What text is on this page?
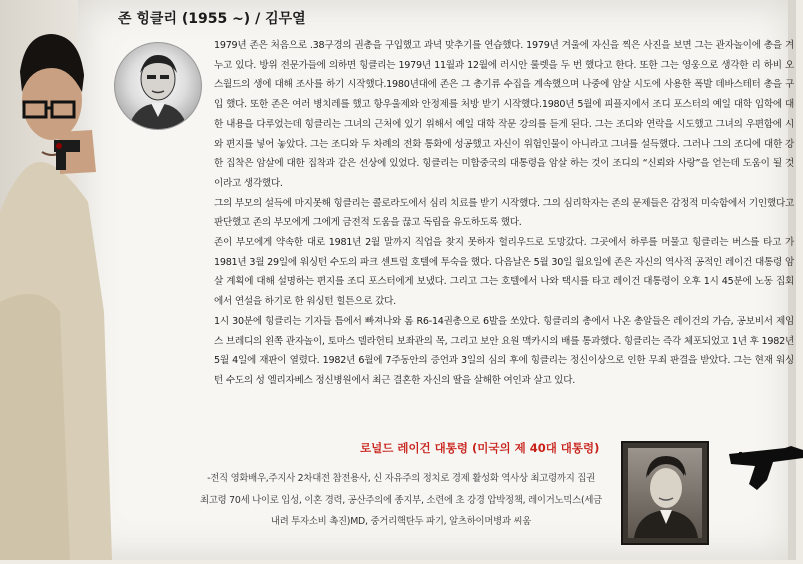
존 힝클리 (1955 ~) / 김무열

1979년 존은 처음으로 .38구경의 권총을 구입했고 과녁 맞추기를 연습했다. 1979년 겨울에 자신을 찍은 사진을 보면 그는 관자놀이에 총을 겨누고 있다. 방위 전문가들에 의하면 힝클리는 1979년 11월과 12월에 러시안 룰렛을 두 번 했다고 한다. 또한 그는 영웅으로 생각한 리 하비 오스월드의 생에 대해 조사를 하기 시작했다.1980년대에 존은 그 총기류 수집을 계속했으며 나중에 암살 시도에 사용한 폭발 데바스테터 총을 구입 했다. 또한 존은 여러 병치레를 했고 항우울제와 안정제를 처방 받기 시작했다.1980년 5월에 피플지에서 조디 포스터의 예일 대학 입학에 대한 내용을 다루었는데 힝클리는 그녀의 근처에 있기 위해서 예일 대학 작문 강의를 듣게 된다. 그는 조디와 연락을 시도했고 그녀의 우편함에 시와 편지를 넣어 놓았다. 그는 조디와 두 차례의 전화 통화에 성공했고 자신이 위험인물이 아니라고 그녀를 설득했다. 그러나 그의 조디에 대한 강한 집착은 암살에 대한 집착과 같은 선상에 있었다. 힝클리는 미합중국의 대통령을 암살 하는 것이 조디의 “신뢰와 사랑”을 얻는데 도움이 될 것이라고 생각했다.

그의 부모의 설득에 마지못해 힝클리는 콜로라도에서 심리 치료를 받기 시작했다. 그의 심리학자는 존의 문제들은 감정적 미숙함에서 기인했다고 판단했고 존의 부모에게 그에게 금전적 도움을 끊고 독립을 유도하도록 했다.

존이 부모에게 약속한 대로 1981년 2월 말까지 직업을 찾지 못하자 헐리우드로 도망갔다. 그곳에서 하루를 머물고 힝클리는 버스를 타고 가 1981년 3월 29일에 워싱턴 수도의 파크 센트럴 호텔에 투숙을 했다. 다음날은 5월 30일 월요일에 존은 자신의 역사적 공적인 레이건 대통령 암살 계획에 대해 설명하는 편지를 조디 포스터에게 보냈다. 그리고 그는 호텔에서 나와 택시를 타고 레이건 대통령이 오후 1시 45분에 노동 집회에서 연설을 하기로 한 워싱턴 힐튼으로 갔다.

1시 30분에 힝클리는 기자들 틈에서 빠져나와 롬 R6-14권총으로 6발을 쏘았다. 힝클리의 총에서 나온 총알들은 레이건의 가슴, 공보비서 제임스 브레디의 왼쪽 관자놀이, 토마스 델라헌티 보좌관의 목, 그리고 보안 요원 맥카시의 배를 통과했다. 힝클리는 즉각 체포되었고 1년 후 1982년 5월 4일에 재판이 열렸다. 1982년 6월에 7주동안의 증언과 3일의 심의 후에 힝클리는 정신이상으로 인한 무죄 판결을 받았다. 그는 현재 워싱턴 수도의 성 엘리자베스 정신병원에서 최근 결혼한 자신의 딸을 살해한 여인과 살고 있다.

로널드 레이건 대통령 (미국의 제 40대 대통령)

-전직 영화배우,주지사 2차대전 참전용사, 신 자유주의 정치로 경제 활성화 역사상 최고령까지 집권

최고령 70세 나이로 입성, 이혼 경력, 공산주의에 종지부, 소련에 초 강경 압박정책, 레이거노믹스(세금

내려 투자소비 촉진)MD, 중거리핵탄두 파기, 알츠하이머병과 씨움
